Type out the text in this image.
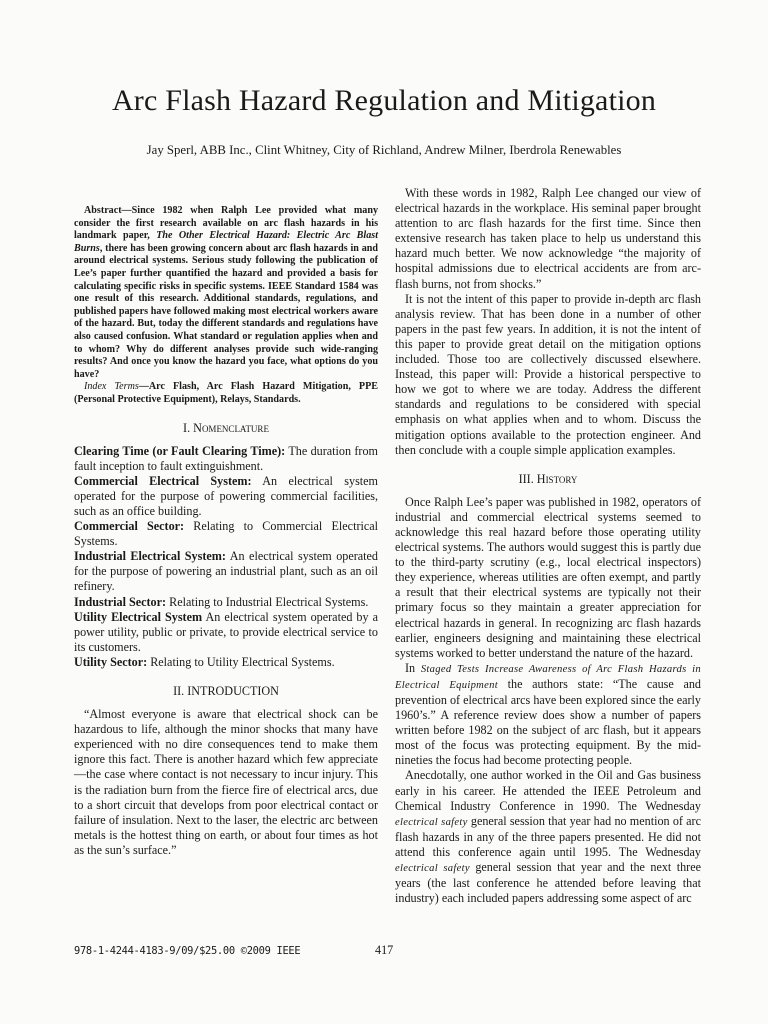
Arc Flash Hazard Regulation and Mitigation
Jay Sperl, ABB Inc., Clint Whitney, City of Richland, Andrew Milner, Iberdrola Renewables

Abstract—Since 1982 when Ralph Lee provided what many consider the first research available on arc flash hazards in his landmark paper, The Other Electrical Hazard: Electric Arc Blast Burns, there has been growing concern about arc flash hazards in and around electrical systems. Serious study following the publication of Lee’s paper further quantified the hazard and provided a basis for calculating specific risks in specific systems. IEEE Standard 1584 was one result of this research. Additional standards, regulations, and published papers have followed making most electrical workers aware of the hazard. But, today the different standards and regulations have also caused confusion. What standard or regulation applies when and to whom? Why do different analyses provide such wide-ranging results? And once you know the hazard you face, what options do you have?

Index Terms—Arc Flash, Arc Flash Hazard Mitigation, PPE (Personal Protective Equipment), Relays, Standards.

I. Nomenclature

Clearing Time (or Fault Clearing Time): The duration from fault inception to fault extinguishment.

Commercial Electrical System: An electrical system operated for the purpose of powering commercial facilities, such as an office building.

Commercial Sector: Relating to Commercial Electrical Systems.

Industrial Electrical System: An electrical system operated for the purpose of powering an industrial plant, such as an oil refinery.

Industrial Sector: Relating to Industrial Electrical Systems.

Utility Electrical System An electrical system operated by a power utility, public or private, to provide electrical service to its customers.

Utility Sector: Relating to Utility Electrical Systems.

II. INTRODUCTION

“Almost everyone is aware that electrical shock can be hazardous to life, although the minor shocks that many have experienced with no dire consequences tend to make them ignore this fact. There is another hazard which few appreciate—the case where contact is not necessary to incur injury. This is the radiation burn from the fierce fire of electrical arcs, due to a short circuit that develops from poor electrical contact or failure of insulation. Next to the laser, the electric arc between metals is the hottest thing on earth, or about four times as hot as the sun’s surface.”

With these words in 1982, Ralph Lee changed our view of electrical hazards in the workplace. His seminal paper brought attention to arc flash hazards for the first time. Since then extensive research has taken place to help us understand this hazard much better. We now acknowledge “the majority of hospital admissions due to electrical accidents are from arc-flash burns, not from shocks.”

It is not the intent of this paper to provide in-depth arc flash analysis review. That has been done in a number of other papers in the past few years. In addition, it is not the intent of this paper to provide great detail on the mitigation options included. Those too are collectively discussed elsewhere. Instead, this paper will: Provide a historical perspective to how we got to where we are today. Address the different standards and regulations to be considered with special emphasis on what applies when and to whom. Discuss the mitigation options available to the protection engineer. And then conclude with a couple simple application examples.

III. History

Once Ralph Lee’s paper was published in 1982, operators of industrial and commercial electrical systems seemed to acknowledge this real hazard before those operating utility electrical systems. The authors would suggest this is partly due to the third-party scrutiny (e.g., local electrical inspectors) they experience, whereas utilities are often exempt, and partly a result that their electrical systems are typically not their primary focus so they maintain a greater appreciation for electrical hazards in general. In recognizing arc flash hazards earlier, engineers designing and maintaining these electrical systems worked to better understand the nature of the hazard.

In Staged Tests Increase Awareness of Arc Flash Hazards in Electrical Equipment the authors state: “The cause and prevention of electrical arcs have been explored since the early 1960’s.” A reference review does show a number of papers written before 1982 on the subject of arc flash, but it appears most of the focus was protecting equipment. By the mid-nineties the focus had become protecting people.

Anecdotally, one author worked in the Oil and Gas business early in his career. He attended the IEEE Petroleum and Chemical Industry Conference in 1990. The Wednesday electrical safety general session that year had no mention of arc flash hazards in any of the three papers presented. He did not attend this conference again until 1995. The Wednesday electrical safety general session that year and the next three years (the last conference he attended before leaving that industry) each included papers addressing some aspect of arc

978-1-4244-4183-9/09/$25.00 ©2009 IEEE	417
